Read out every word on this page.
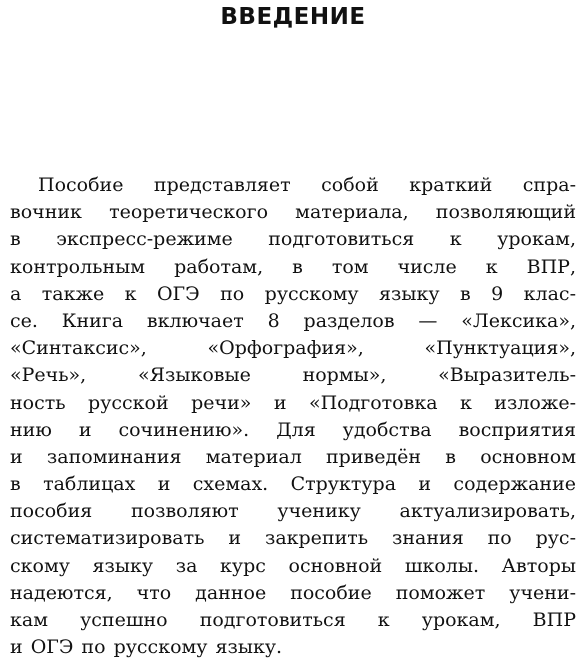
ВВЕДЕНИЕ
Пособие представляет собой краткий спра-
вочник теоретического материала, позволяющий
в экспресс-режиме подготовиться к урокам,
контрольным работам, в том числе к ВПР,
а также к ОГЭ по русскому языку в 9 клас-
се. Книга включает 8 разделов — «Лексика»,
«Синтаксис», «Орфография», «Пунктуация»,
«Речь», «Языковые нормы», «Выразитель-
ность русской речи» и «Подготовка к изложе-
нию и сочинению». Для удобства восприятия
и запоминания материал приведён в основном
в таблицах и схемах. Структура и содержание
пособия позволяют ученику актуализировать,
систематизировать и закрепить знания по рус-
скому языку за курс основной школы. Авторы
надеются, что данное пособие поможет учени-
кам успешно подготовиться к урокам, ВПР
и ОГЭ по русскому языку.
